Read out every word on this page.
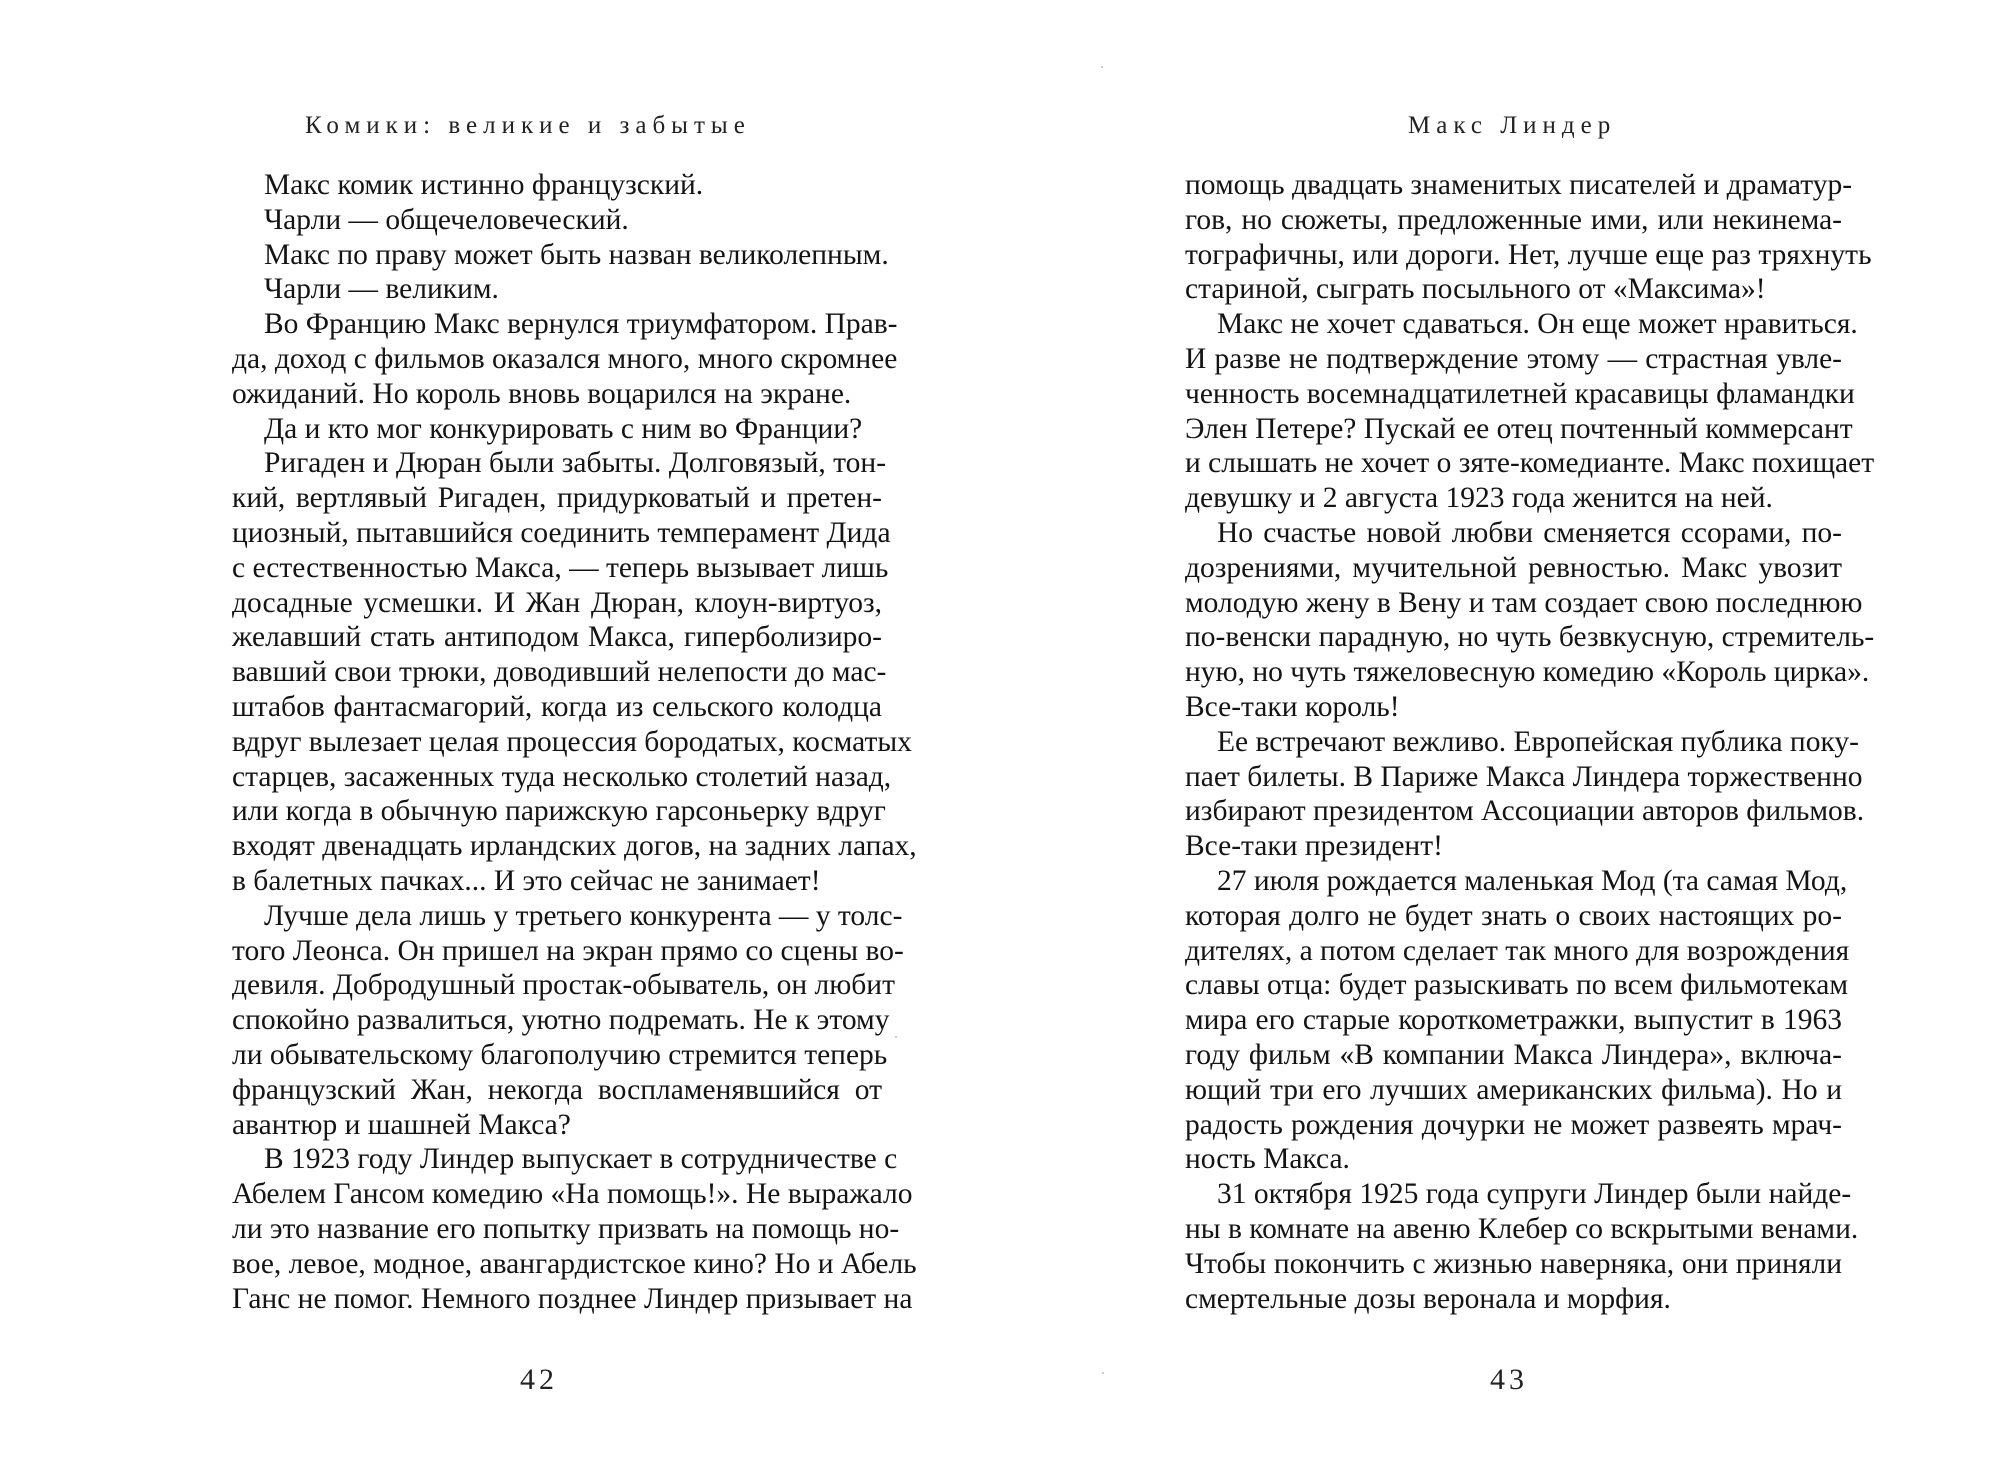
Комики: великие и забытые
Макс комик истинно французский.
Чарли — общечеловеческий.
Макс по праву может быть назван великолепным.
Чарли — великим.
Во Францию Макс вернулся триумфатором. Прав-
да, доход с фильмов оказался много, много скромнее
ожиданий. Но король вновь воцарился на экране.
Да и кто мог конкурировать с ним во Франции?
Ригаден и Дюран были забыты. Долговязый, тон-
кий, вертлявый Ригаден, придурковатый и претен-
циозный, пытавшийся соединить темперамент Дида
с естественностью Макса, — теперь вызывает лишь
досадные усмешки. И Жан Дюран, клоун-виртуоз,
желавший стать антиподом Макса, гиперболизиро-
вавший свои трюки, доводивший нелепости до мас-
штабов фантасмагорий, когда из сельского колодца
вдруг вылезает целая процессия бородатых, косматых
старцев, засаженных туда несколько столетий назад,
или когда в обычную парижскую гарсоньерку вдруг
входят двенадцать ирландских догов, на задних лапах,
в балетных пачках... И это сейчас не занимает!
Лучше дела лишь у третьего конкурента — у толс-
того Леонса. Он пришел на экран прямо со сцены во-
девиля. Добродушный простак-обыватель, он любит
спокойно развалиться, уютно подремать. Не к этому
ли обывательскому благополучию стремится теперь
французский Жан, некогда воспламенявшийся от
авантюр и шашней Макса?
В 1923 году Линдер выпускает в сотрудничестве с
Абелем Гансом комедию «На помощь!». Не выражало
ли это название его попытку призвать на помощь но-
вое, левое, модное, авангардистское кино? Но и Абель
Ганс не помог. Немного позднее Линдер призывает на
42
Макс Линдер
помощь двадцать знаменитых писателей и драматур-
гов, но сюжеты, предложенные ими, или некинема-
тографичны, или дороги. Нет, лучше еще раз тряхнуть
стариной, сыграть посыльного от «Максима»!
Макс не хочет сдаваться. Он еще может нравиться.
И разве не подтверждение этому — страстная увле-
ченность восемнадцатилетней красавицы фламандки
Элен Петере? Пускай ее отец почтенный коммерсант
и слышать не хочет о зяте-комедианте. Макс похищает
девушку и 2 августа 1923 года женится на ней.
Но счастье новой любви сменяется ссорами, по-
дозрениями, мучительной ревностью. Макс увозит
молодую жену в Вену и там создает свою последнюю
по-венски парадную, но чуть безвкусную, стремитель-
ную, но чуть тяжеловесную комедию «Король цирка».
Все-таки король!
Ее встречают вежливо. Европейская публика поку-
пает билеты. В Париже Макса Линдера торжественно
избирают президентом Ассоциации авторов фильмов.
Все-таки президент!
27 июля рождается маленькая Мод (та самая Мод,
которая долго не будет знать о своих настоящих ро-
дителях, а потом сделает так много для возрождения
славы отца: будет разыскивать по всем фильмотекам
мира его старые короткометражки, выпустит в 1963
году фильм «В компании Макса Линдера», включа-
ющий три его лучших американских фильма). Но и
радость рождения дочурки не может развеять мрач-
ность Макса.
31 октября 1925 года супруги Линдер были найде-
ны в комнате на авеню Клебер со вскрытыми венами.
Чтобы покончить с жизнью наверняка, они приняли
смертельные дозы веронала и морфия.
43
